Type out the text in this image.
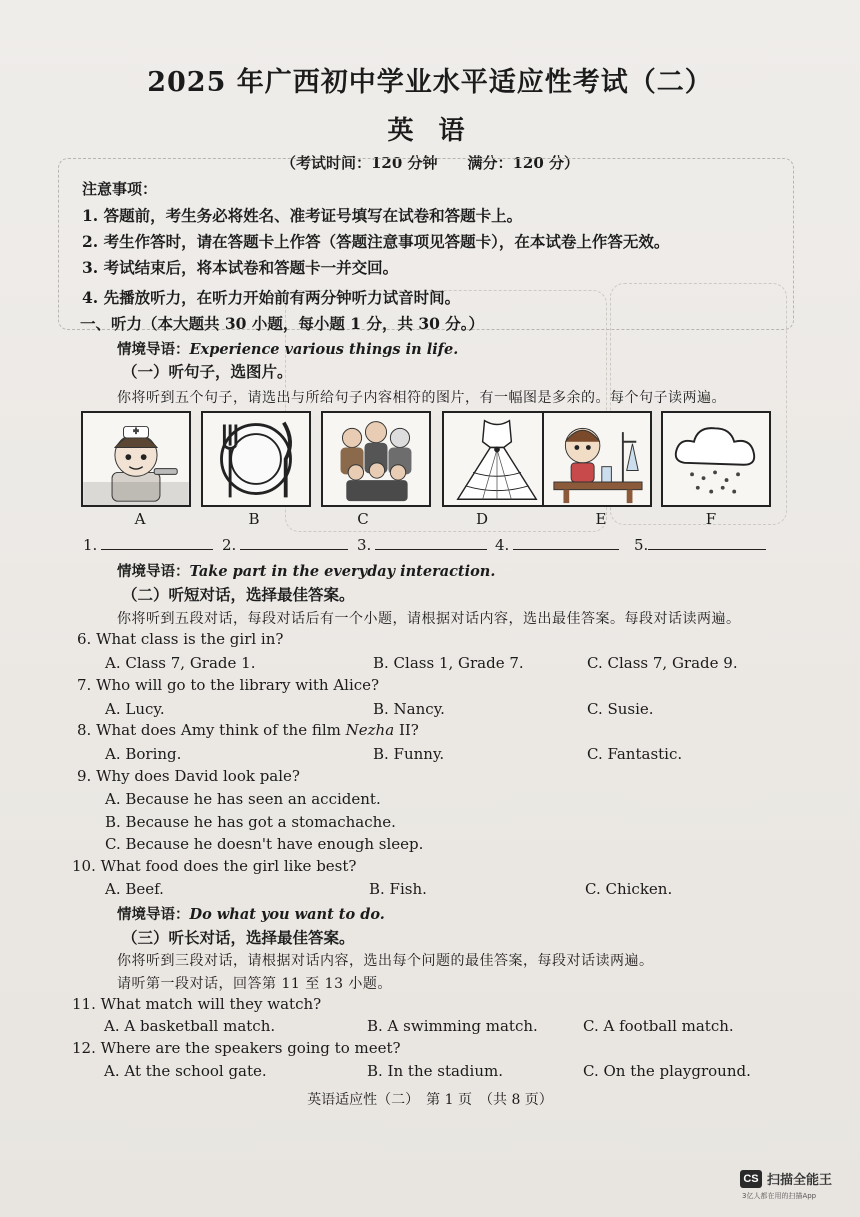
2025 年广西初中学业水平适应性考试（二）
英 语
（考试时间：120 分钟　　满分：120 分）
注意事项：
1. 答题前，考生务必将姓名、准考证号填写在试卷和答题卡上。
2. 考生作答时，请在答题卡上作答（答题注意事项见答题卡），在本试卷上作答无效。
3. 考试结束后，将本试卷和答题卡一并交回。
4. 先播放听力，在听力开始前有两分钟听力试音时间。
一、听力（本大题共 30 小题，每小题 1 分，共 30 分。）
情境导语：Experience various things in life.
（一）听句子，选图片。
你将听到五个句子，请选出与所给句子内容相符的图片，有一幅图是多余的。每个句子读两遍。
A	B	C	D	E	F
1.	2.	3.	4.	5.
情境导语：Take part in the everyday interaction.
（二）听短对话，选择最佳答案。
你将听到五段对话，每段对话后有一个小题，请根据对话内容，选出最佳答案。每段对话读两遍。
6. What class is the girl in?
A. Class 7, Grade 1.	B. Class 1, Grade 7.	C. Class 7, Grade 9.
7. Who will go to the library with Alice?
A. Lucy.	B. Nancy.	C. Susie.
8. What does Amy think of the film Nezha II?
A. Boring.	B. Funny.	C. Fantastic.
9. Why does David look pale?
A. Because he has seen an accident.
B. Because he has got a stomachache.
C. Because he doesn't have enough sleep.
10. What food does the girl like best?
A. Beef.	B. Fish.	C. Chicken.
情境导语：Do what you want to do.
（三）听长对话，选择最佳答案。
你将听到三段对话，请根据对话内容，选出每个问题的最佳答案，每段对话读两遍。
请听第一段对话，回答第 11 至 13 小题。
11. What match will they watch?
A. A basketball match.	B. A swimming match.	C. A football match.
12. Where are the speakers going to meet?
A. At the school gate.	B. In the stadium.	C. On the playground.
英语适应性（二）　第 1 页　（共 8 页）
CS 扫描全能王
3亿人都在用的扫描App
